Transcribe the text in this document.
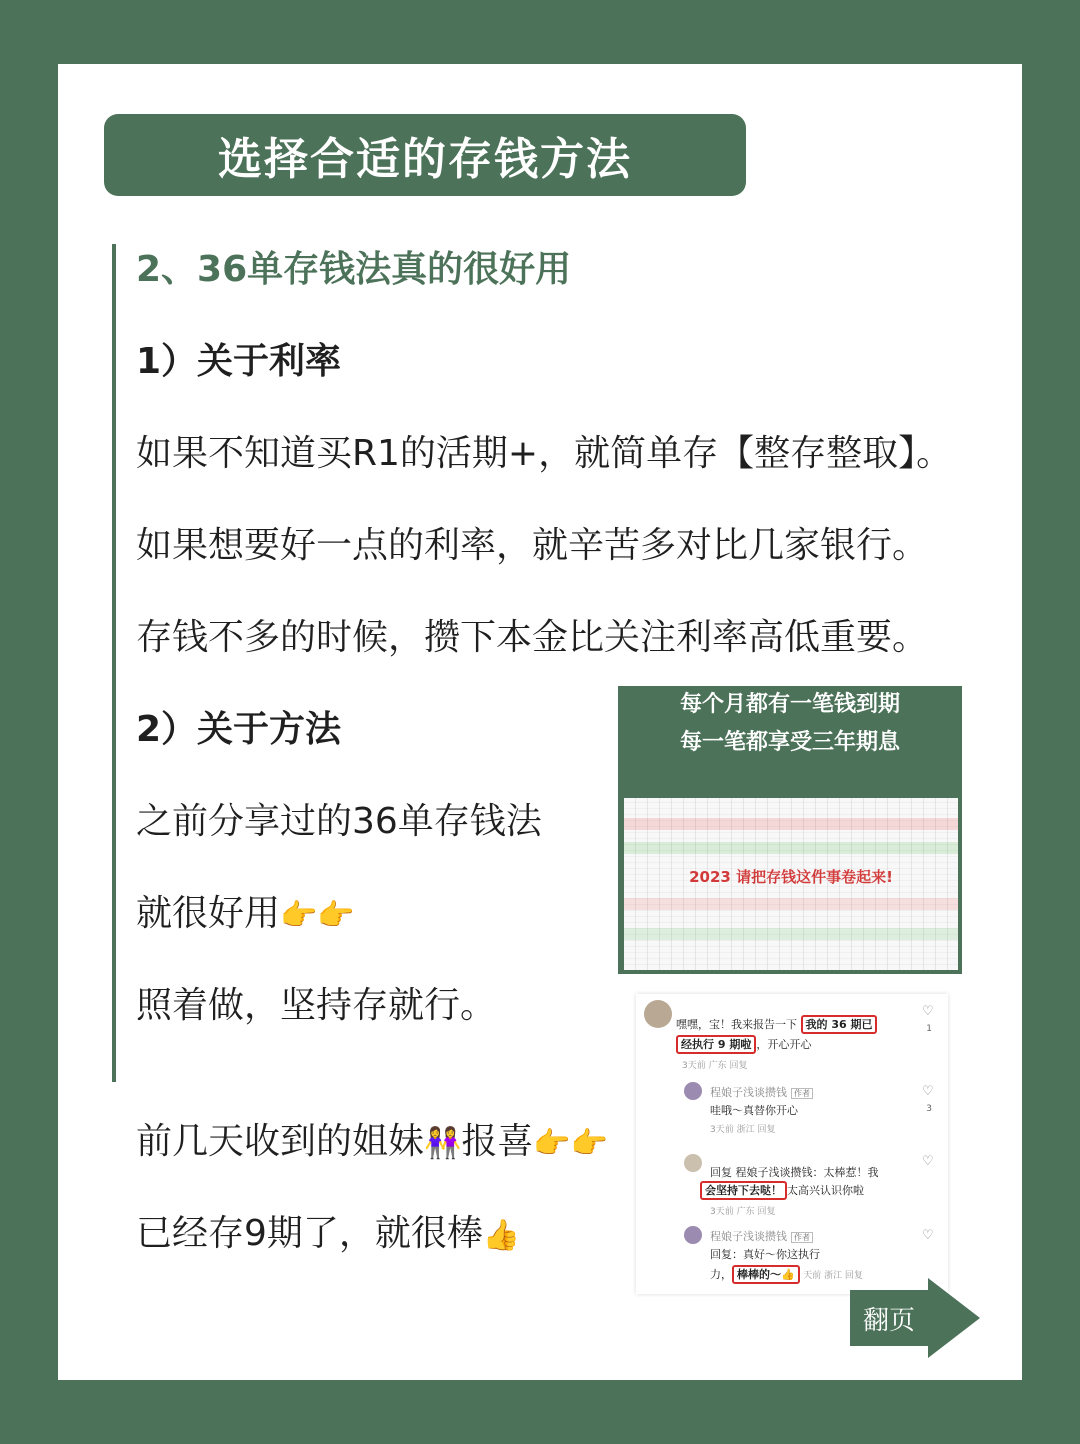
选择合适的存钱方法
2、36单存钱法真的很好用
1）关于利率
如果不知道买R1的活期+，就简单存【整存整取】。
如果想要好一点的利率，就辛苦多对比几家银行。
存钱不多的时候，攒下本金比关注利率高低重要。
2）关于方法
之前分享过的36单存钱法
就很好用👉👉
照着做，坚持存就行。
前几天收到的姐妹👭报喜👉👉
已经存9期了，就很棒👍
每个月都有一笔钱到期
每一笔都享受三年期息
2023 请把存钱这件事卷起来!
嘿嘿，宝！我来报告一下 我的 36 期已
经执行 9 期啦 ，开心开心
3天前 广东 回复
♡
1
程娘子浅谈攒钱 作者
哇哦～真替你开心
3天前 浙江 回复
♡
3
回复 程娘子浅谈攒钱：太棒惹！我
会坚持下去哒！ 太高兴认识你啦
3天前 广东 回复
♡
程娘子浅谈攒钱 作者
回复：真好～你这执行
力， 棒棒的～👍 天前 浙江 回复
♡
翻页
